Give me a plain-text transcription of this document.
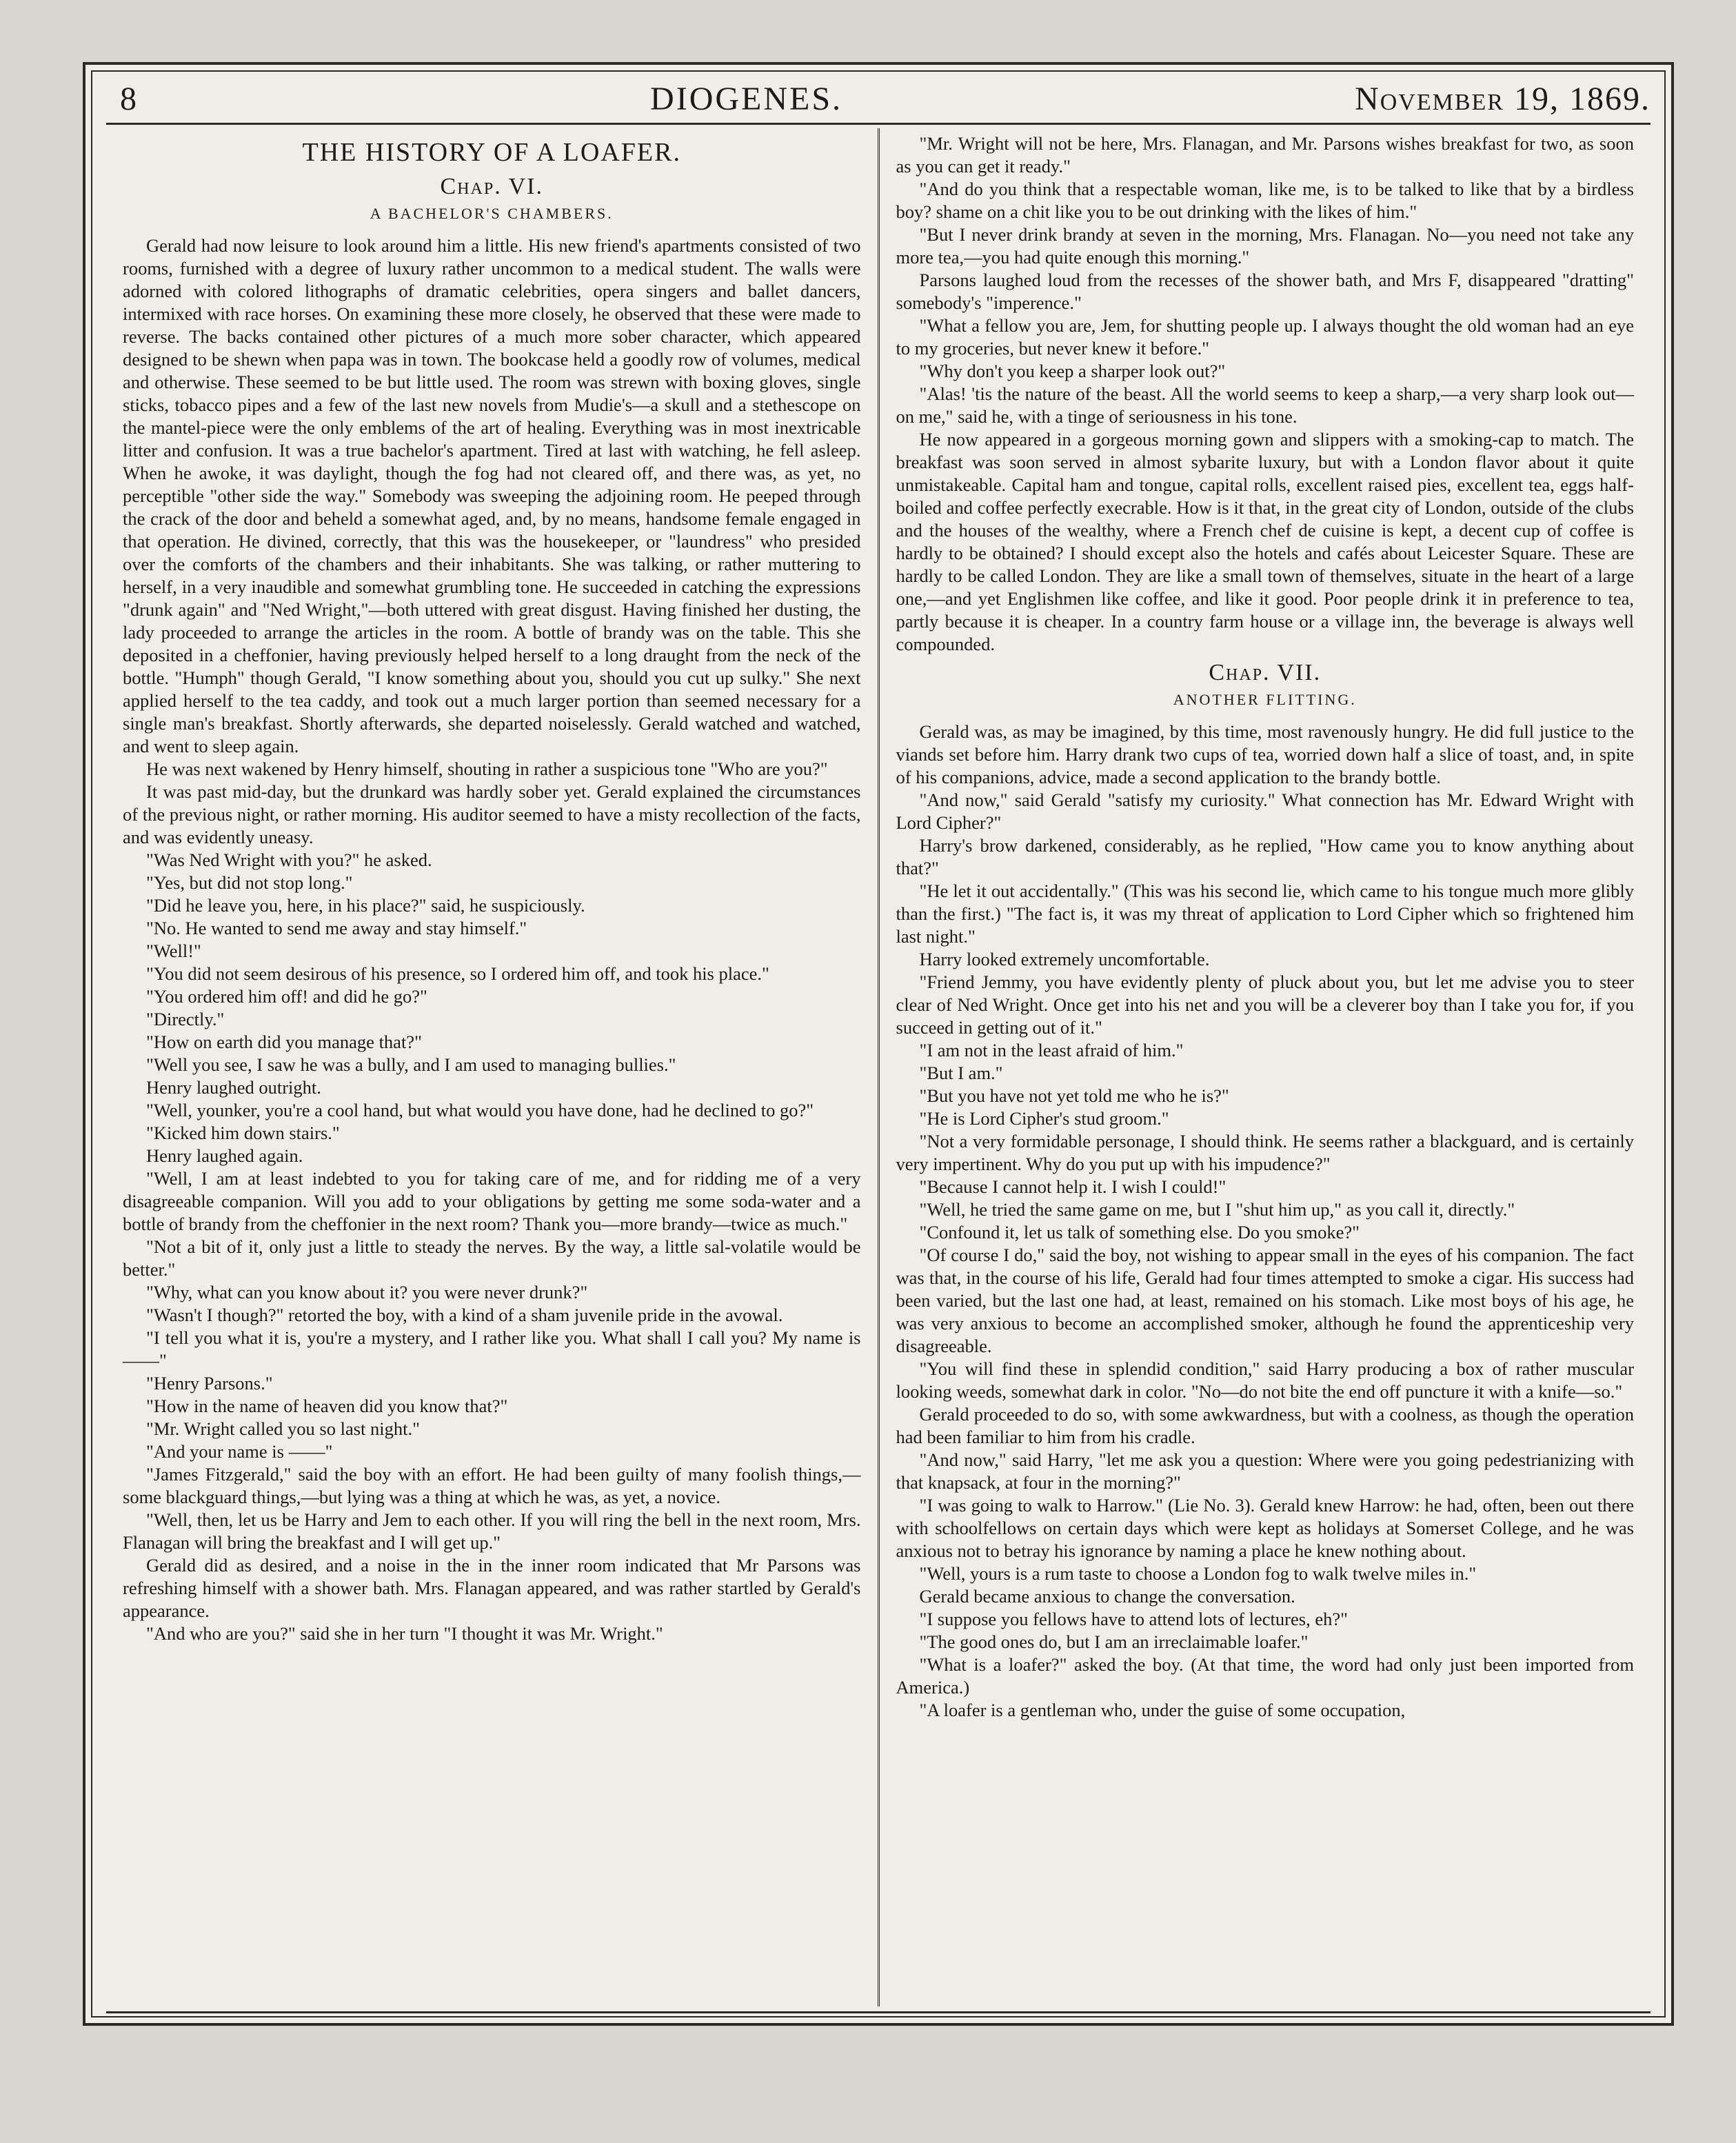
8	DIOGENES.	November 19, 1869.
THE HISTORY OF A LOAFER.
Chap. VI.
A BACHELOR'S CHAMBERS.

Gerald had now leisure to look around him a little. His new friend's apartments consisted of two rooms, furnished with a degree of luxury rather uncommon to a medical student. The walls were adorned with colored lithographs of dramatic celebrities, opera singers and ballet dancers, intermixed with race horses. On examining these more closely, he observed that these were made to reverse. The backs contained other pictures of a much more sober character, which appeared designed to be shewn when papa was in town. The bookcase held a goodly row of volumes, medical and otherwise. These seemed to be but little used. The room was strewn with boxing gloves, single sticks, tobacco pipes and a few of the last new novels from Mudie's—a skull and a stethescope on the mantel-piece were the only emblems of the art of healing. Everything was in most inextricable litter and confusion. It was a true bachelor's apartment. Tired at last with watching, he fell asleep. When he awoke, it was daylight, though the fog had not cleared off, and there was, as yet, no perceptible "other side the way." Somebody was sweeping the adjoining room. He peeped through the crack of the door and beheld a somewhat aged, and, by no means, handsome female engaged in that operation. He divined, correctly, that this was the housekeeper, or "laundress" who presided over the comforts of the chambers and their inhabitants. She was talking, or rather muttering to herself, in a very inaudible and somewhat grumbling tone. He succeeded in catching the expressions "drunk again" and "Ned Wright,"—both uttered with great disgust. Having finished her dusting, the lady proceeded to arrange the articles in the room. A bottle of brandy was on the table. This she deposited in a cheffonier, having previously helped herself to a long draught from the neck of the bottle. "Humph" though Gerald, "I know something about you, should you cut up sulky." She next applied herself to the tea caddy, and took out a much larger portion than seemed necessary for a single man's breakfast. Shortly afterwards, she departed noiselessly. Gerald watched and watched, and went to sleep again.

He was next wakened by Henry himself, shouting in rather a suspicious tone "Who are you?"

It was past mid-day, but the drunkard was hardly sober yet. Gerald explained the circumstances of the previous night, or rather morning. His auditor seemed to have a misty recollection of the facts, and was evidently uneasy.

"Was Ned Wright with you?" he asked.

"Yes, but did not stop long."

"Did he leave you, here, in his place?" said, he suspiciously.

"No. He wanted to send me away and stay himself."

"Well!"

"You did not seem desirous of his presence, so I ordered him off, and took his place."

"You ordered him off! and did he go?"

"Directly."

"How on earth did you manage that?"

"Well you see, I saw he was a bully, and I am used to managing bullies."

Henry laughed outright.

"Well, younker, you're a cool hand, but what would you have done, had he declined to go?"

"Kicked him down stairs."

Henry laughed again.

"Well, I am at least indebted to you for taking care of me, and for ridding me of a very disagreeable companion. Will you add to your obligations by getting me some soda-water and a bottle of brandy from the cheffonier in the next room? Thank you—more brandy—twice as much."

"Not a bit of it, only just a little to steady the nerves. By the way, a little sal-volatile would be better."

"Why, what can you know about it? you were never drunk?"

"Wasn't I though?" retorted the boy, with a kind of a sham juvenile pride in the avowal.

"I tell you what it is, you're a mystery, and I rather like you. What shall I call you? My name is ——"

"Henry Parsons."

"How in the name of heaven did you know that?"

"Mr. Wright called you so last night."

"And your name is ——"

"James Fitzgerald," said the boy with an effort. He had been guilty of many foolish things,—some blackguard things,—but lying was a thing at which he was, as yet, a novice.

"Well, then, let us be Harry and Jem to each other. If you will ring the bell in the next room, Mrs. Flanagan will bring the breakfast and I will get up."

Gerald did as desired, and a noise in the in the inner room indicated that Mr Parsons was refreshing himself with a shower bath. Mrs. Flanagan appeared, and was rather startled by Gerald's appearance.

"And who are you?" said she in her turn "I thought it was Mr. Wright."

"Mr. Wright will not be here, Mrs. Flanagan, and Mr. Parsons wishes breakfast for two, as soon as you can get it ready."

"And do you think that a respectable woman, like me, is to be talked to like that by a birdless boy? shame on a chit like you to be out drinking with the likes of him."

"But I never drink brandy at seven in the morning, Mrs. Flanagan. No—you need not take any more tea,—you had quite enough this morning."

Parsons laughed loud from the recesses of the shower bath, and Mrs F, disappeared "dratting" somebody's "imperence."

"What a fellow you are, Jem, for shutting people up. I always thought the old woman had an eye to my groceries, but never knew it before."

"Why don't you keep a sharper look out?"

"Alas! 'tis the nature of the beast. All the world seems to keep a sharp,—a very sharp look out—on me," said he, with a tinge of seriousness in his tone.

He now appeared in a gorgeous morning gown and slippers with a smoking-cap to match. The breakfast was soon served in almost sybarite luxury, but with a London flavor about it quite unmistakeable. Capital ham and tongue, capital rolls, excellent raised pies, excellent tea, eggs half-boiled and coffee perfectly execrable. How is it that, in the great city of London, outside of the clubs and the houses of the wealthy, where a French chef de cuisine is kept, a decent cup of coffee is hardly to be obtained? I should except also the hotels and cafés about Leicester Square. These are hardly to be called London. They are like a small town of themselves, situate in the heart of a large one,—and yet Englishmen like coffee, and like it good. Poor people drink it in preference to tea, partly because it is cheaper. In a country farm house or a village inn, the beverage is always well compounded.

Chap. VII.
ANOTHER FLITTING.

Gerald was, as may be imagined, by this time, most ravenously hungry. He did full justice to the viands set before him. Harry drank two cups of tea, worried down half a slice of toast, and, in spite of his companions, advice, made a second application to the brandy bottle.

"And now," said Gerald "satisfy my curiosity." What connection has Mr. Edward Wright with Lord Cipher?"

Harry's brow darkened, considerably, as he replied, "How came you to know anything about that?"

"He let it out accidentally." (This was his second lie, which came to his tongue much more glibly than the first.) "The fact is, it was my threat of application to Lord Cipher which so frightened him last night."

Harry looked extremely uncomfortable.

"Friend Jemmy, you have evidently plenty of pluck about you, but let me advise you to steer clear of Ned Wright. Once get into his net and you will be a cleverer boy than I take you for, if you succeed in getting out of it."

"I am not in the least afraid of him."

"But I am."

"But you have not yet told me who he is?"

"He is Lord Cipher's stud groom."

"Not a very formidable personage, I should think. He seems rather a blackguard, and is certainly very impertinent. Why do you put up with his impudence?"

"Because I cannot help it. I wish I could!"

"Well, he tried the same game on me, but I "shut him up," as you call it, directly."

"Confound it, let us talk of something else. Do you smoke?"

"Of course I do," said the boy, not wishing to appear small in the eyes of his companion. The fact was that, in the course of his life, Gerald had four times attempted to smoke a cigar. His success had been varied, but the last one had, at least, remained on his stomach. Like most boys of his age, he was very anxious to become an accomplished smoker, although he found the apprenticeship very disagreeable.

"You will find these in splendid condition," said Harry producing a box of rather muscular looking weeds, somewhat dark in color. "No—do not bite the end off puncture it with a knife—so."

Gerald proceeded to do so, with some awkwardness, but with a coolness, as though the operation had been familiar to him from his cradle.

"And now," said Harry, "let me ask you a question: Where were you going pedestrianizing with that knapsack, at four in the morning?"

"I was going to walk to Harrow." (Lie No. 3). Gerald knew Harrow: he had, often, been out there with schoolfellows on certain days which were kept as holidays at Somerset College, and he was anxious not to betray his ignorance by naming a place he knew nothing about.

"Well, yours is a rum taste to choose a London fog to walk twelve miles in."

Gerald became anxious to change the conversation.

"I suppose you fellows have to attend lots of lectures, eh?"

"The good ones do, but I am an irreclaimable loafer."

"What is a loafer?" asked the boy. (At that time, the word had only just been imported from America.)

"A loafer is a gentleman who, under the guise of some occupation,
